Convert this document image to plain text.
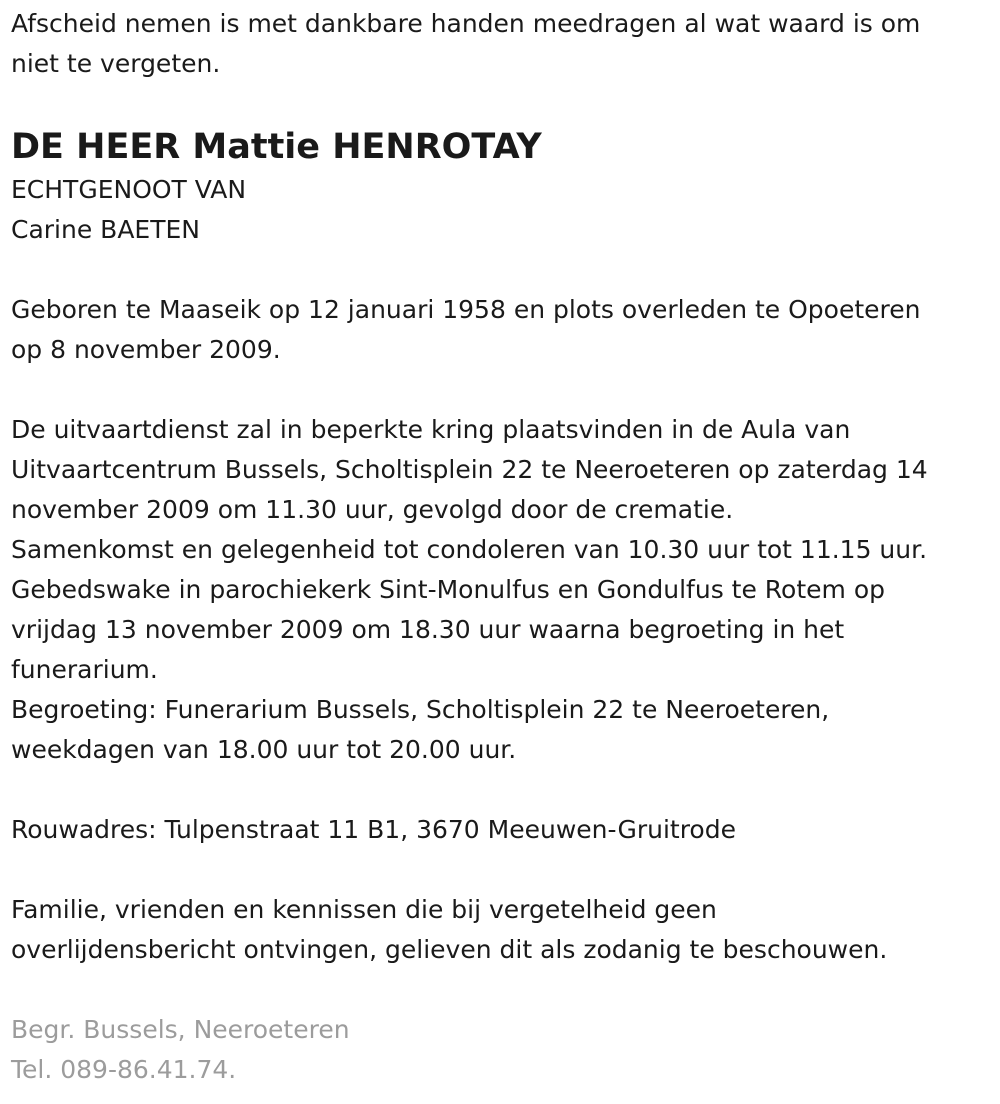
Afscheid nemen is met dankbare handen meedragen al wat waard is om
niet te vergeten.
DE HEER Mattie HENROTAY
ECHTGENOOT VAN
Carine BAETEN
Geboren te Maaseik op 12 januari 1958 en plots overleden te Opoeteren
op 8 november 2009.
De uitvaartdienst zal in beperkte kring plaatsvinden in de Aula van
Uitvaartcentrum Bussels, Scholtisplein 22 te Neeroeteren op zaterdag 14
november 2009 om 11.30 uur, gevolgd door de crematie.
Samenkomst en gelegenheid tot condoleren van 10.30 uur tot 11.15 uur.
Gebedswake in parochiekerk Sint-Monulfus en Gondulfus te Rotem op
vrijdag 13 november 2009 om 18.30 uur waarna begroeting in het
funerarium.
Begroeting: Funerarium Bussels, Scholtisplein 22 te Neeroeteren,
weekdagen van 18.00 uur tot 20.00 uur.
Rouwadres: Tulpenstraat 11 B1, 3670 Meeuwen-Gruitrode
Familie, vrienden en kennissen die bij vergetelheid geen
overlijdensbericht ontvingen, gelieven dit als zodanig te beschouwen.
Begr. Bussels, Neeroeteren
Tel. 089-86.41.74.
